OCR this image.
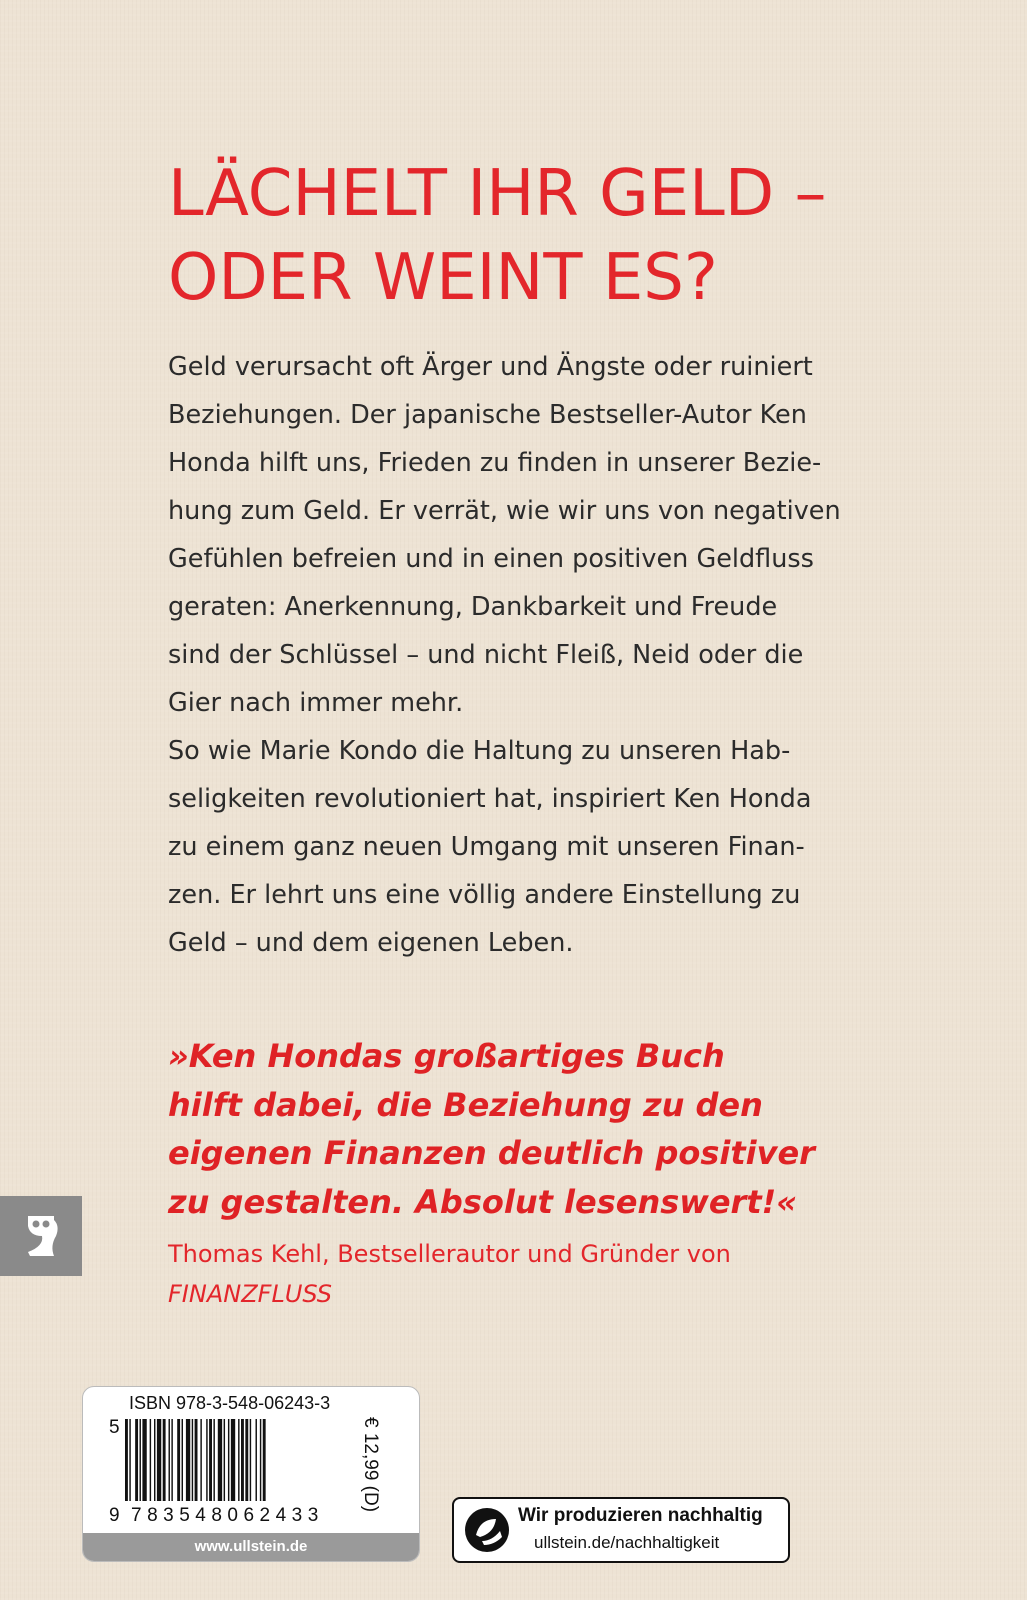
LÄCHELT IHR GELD –
ODER WEINT ES?
Geld verursacht oft Ärger und Ängste oder ruiniert
Beziehungen. Der japanische Bestseller-Autor Ken
Honda hilft uns, Frieden zu finden in unserer Bezie-
hung zum Geld. Er verrät, wie wir uns von negativen
Gefühlen befreien und in einen positiven Geldfluss
geraten: Anerkennung, Dankbarkeit und Freude
sind der Schlüssel – und nicht Fleiß, Neid oder die
Gier nach immer mehr.
So wie Marie Kondo die Haltung zu unseren Hab-
seligkeiten revolutioniert hat, inspiriert Ken Honda
zu einem ganz neuen Umgang mit unseren Finan-
zen. Er lehrt uns eine völlig andere Einstellung zu
Geld – und dem eigenen Leben.
»Ken Hondas großartiges Buch
hilft dabei, die Beziehung zu den
eigenen Finanzen deutlich positiver
zu gestalten. Absolut lesenswert!«
Thomas Kehl, Bestsellerautor und Gründer von
FINANZFLUSS
ISBN 978-3-548-06243-3
5
9 783548062433
€ 12,99 (D)
www.ullstein.de
Wir produzieren nachhaltig
ullstein.de/nachhaltigkeit
